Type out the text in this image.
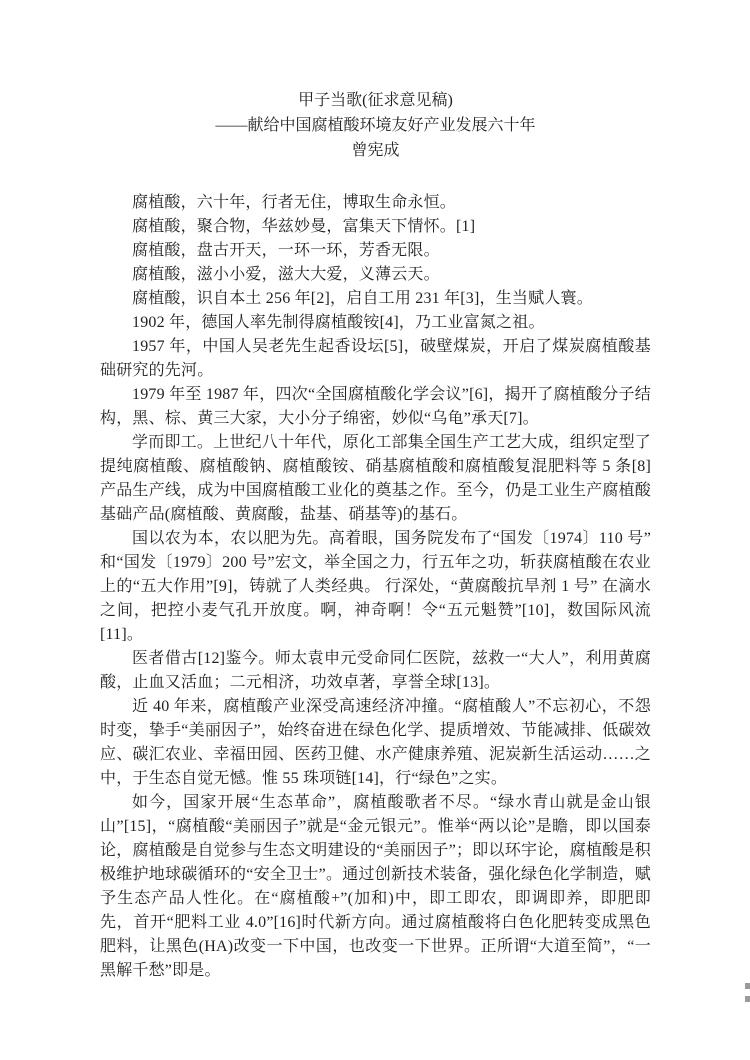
甲子当歌(征求意见稿)
——献给中国腐植酸环境友好产业发展六十年
曾宪成

腐植酸，六十年，行者无住，博取生命永恒。

腐植酸，聚合物，华兹妙曼，富集天下情怀。[1]

腐植酸，盘古开天，一环一环，芳香无限。

腐植酸，滋小小爱，滋大大爱，义薄云天。

腐植酸，识自本土 256 年[2]，启自工用 231 年[3]，生当赋人寰。

1902 年，德国人率先制得腐植酸铵[4]，乃工业富氮之祖。

1957 年，中国人吴老先生起香设坛[5]，破壁煤炭，开启了煤炭腐植酸基础研究的先河。

1979 年至 1987 年，四次“全国腐植酸化学会议”[6]，揭开了腐植酸分子结构，黑、棕、黄三大家，大小分子绵密，妙似“乌龟”承天[7]。

学而即工。上世纪八十年代，原化工部集全国生产工艺大成，组织定型了提纯腐植酸、腐植酸钠、腐植酸铵、硝基腐植酸和腐植酸复混肥料等 5 条[8]产品生产线，成为中国腐植酸工业化的奠基之作。至今，仍是工业生产腐植酸基础产品(腐植酸、黄腐酸，盐基、硝基等)的基石。

国以农为本，农以肥为先。高着眼，国务院发布了“国发〔1974〕110 号” 和“国发〔1979〕200 号”宏文，举全国之力，行五年之功，斩获腐植酸在农业上的“五大作用”[9]，铸就了人类经典。 行深处，“黄腐酸抗旱剂 1 号” 在滴水之间，把控小麦气孔开放度。啊，神奇啊！令“五元魁赞”[10]，数国际风流[11]。

医者借古[12]鉴今。师太袁申元受命同仁医院，兹救一“大人”，利用黄腐酸，止血又活血；二元相济，功效卓著，享誉全球[13]。

近 40 年来，腐植酸产业深受高速经济冲撞。“腐植酸人”不忘初心，不怨时变，挚手“美丽因子”，始终奋进在绿色化学、提质增效、节能减排、低碳效应、碳汇农业、幸福田园、医药卫健、水产健康养殖、泥炭新生活运动……之中，于生态自觉无憾。惟 55 珠项链[14]，行“绿色”之实。

如今，国家开展“生态革命”，腐植酸歌者不尽。“绿水青山就是金山银山”[15]，“腐植酸“美丽因子”就是“金元银元”。惟举“两以论”是瞻，即以国泰论，腐植酸是自觉参与生态文明建设的“美丽因子”；即以环宇论，腐植酸是积极维护地球碳循环的“安全卫士”。通过创新技术装备，强化绿色化学制造，赋予生态产品人性化。在“腐植酸+”(加和)中，即工即农，即调即养，即肥即先，首开“肥料工业 4.0”[16]时代新方向。通过腐植酸将白色化肥转变成黑色肥料，让黑色(HA)改变一下中国，也改变一下世界。正所谓“大道至简”，“一黑解千愁”即是。
